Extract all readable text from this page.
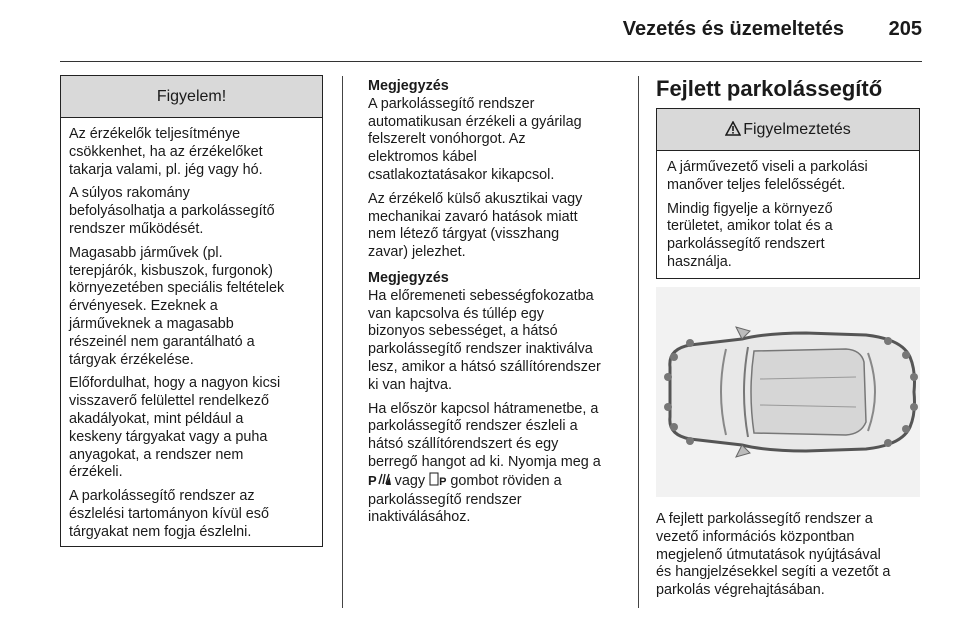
Vezetés és üzemeltetés 205
Figyelem!

Az érzékelők teljesítménye
csökkenhet, ha az érzékelőket
takarja valami, pl. jég vagy hó.

A súlyos rakomány
befolyásolhatja a parkolássegítő
rendszer működését.

Magasabb járművek (pl.
terepjárók, kisbuszok, furgonok)
környezetében speciális feltételek
érvényesek. Ezeknek a
járműveknek a magasabb
részeinél nem garantálható a
tárgyak érzékelése.

Előfordulhat, hogy a nagyon kicsi
visszaverő felülettel rendelkező
akadályokat, mint például a
keskeny tárgyakat vagy a puha
anyagokat, a rendszer nem
érzékeli.

A parkolássegítő rendszer az
észlelési tartományon kívül eső
tárgyakat nem fogja észlelni.

Megjegyzés

A parkolássegítő rendszer
automatikusan érzékeli a gyárilag
felszerelt vonóhorgot. Az
elektromos kábel
csatlakoztatásakor kikapcsol.

Az érzékelő külső akusztikai vagy
mechanikai zavaró hatások miatt
nem létező tárgyat (visszhang
zavar) jelezhet.

Megjegyzés

Ha előremeneti sebességfokozatba
van kapcsolva és túllép egy
bizonyos sebességet, a hátsó
parkolássegítő rendszer inaktiválva
lesz, amikor a hátsó szállítórendszer
ki van hajtva.

Ha először kapcsol hátramenetbe, a
parkolássegítő rendszer észleli a
hátsó szállítórendszert és egy
berregő hangot ad ki. Nyomja meg a
P vagy P gombot röviden a
parkolássegítő rendszer
inaktiválásához.

Fejlett parkolássegítő
Figyelmeztetés

A járművezető viseli a parkolási
manőver teljes felelősségét.

Mindig figyelje a környező
területet, amikor tolat és a
parkolássegítő rendszert
használja.

A fejlett parkolássegítő rendszer a
vezető információs központban
megjelenő útmutatások nyújtásával
és hangjelzésekkel segíti a vezetőt a
parkolás végrehajtásában.
